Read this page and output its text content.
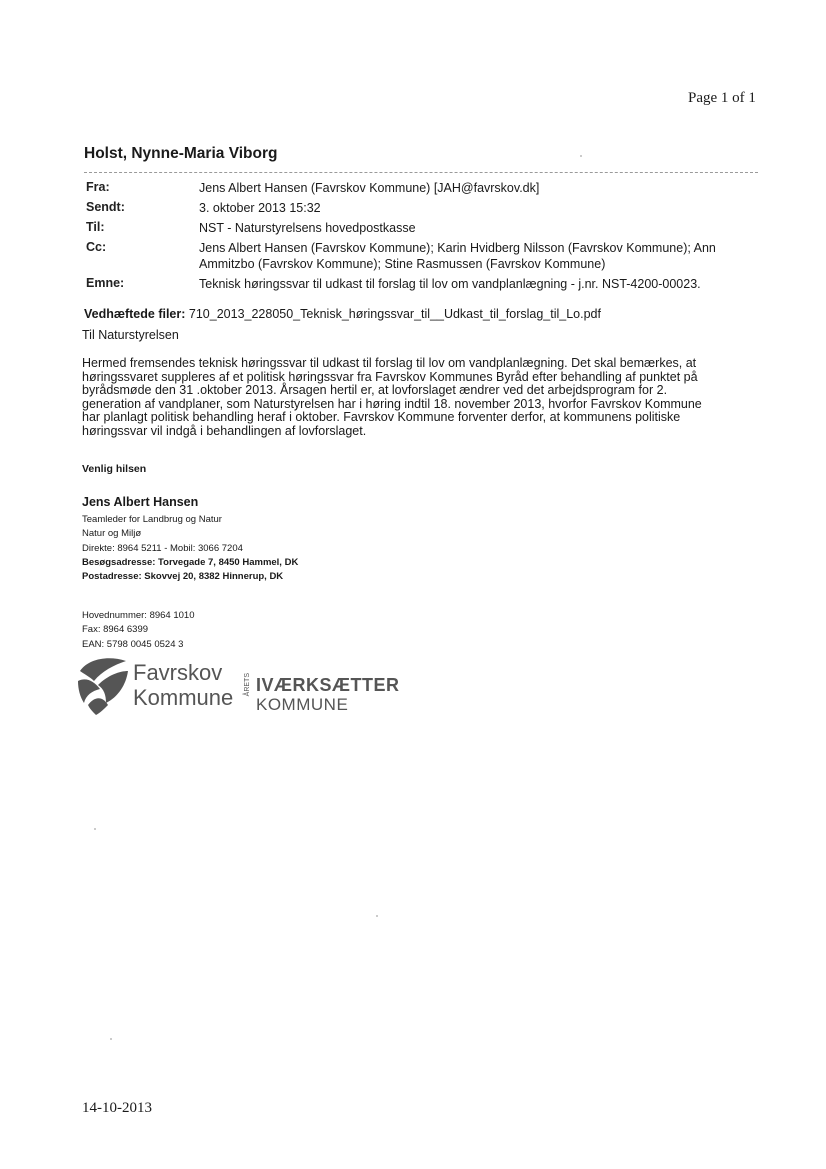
Page 1 of 1
Holst, Nynne-Maria Viborg
Fra:	Jens Albert Hansen (Favrskov Kommune) [JAH@favrskov.dk]
Sendt:	3. oktober 2013 15:32
Til:	NST - Naturstyrelsens hovedpostkasse
Cc:	Jens Albert Hansen (Favrskov Kommune); Karin Hvidberg Nilsson (Favrskov Kommune); Ann Ammitzbo (Favrskov Kommune); Stine Rasmussen (Favrskov Kommune)
Emne:	Teknisk høringssvar til udkast til forslag til lov om vandplanlægning - j.nr. NST-4200-00023.
Vedhæftede filer: 710_2013_228050_Teknisk_høringssvar_til__Udkast_til_forslag_til_Lo.pdf
Til Naturstyrelsen
Hermed fremsendes teknisk høringssvar til udkast til forslag til lov om vandplanlægning. Det skal bemærkes, at høringssvaret suppleres af et politisk høringssvar fra Favrskov Kommunes Byråd efter behandling af punktet på byrådsmøde den 31 .oktober 2013. Årsagen hertil er, at lovforslaget ændrer ved det arbejdsprogram for 2. generation af vandplaner, som Naturstyrelsen har i høring indtil 18. november 2013, hvorfor Favrskov Kommune har planlagt politisk behandling heraf i oktober. Favrskov Kommune forventer derfor, at kommunens politiske høringssvar vil indgå i behandlingen af lovforslaget.
Venlig hilsen
Jens Albert Hansen
Teamleder for Landbrug og Natur
Natur og Miljø
Direkte: 8964 5211 - Mobil: 3066 7204
Besøgsadresse: Torvegade 7, 8450 Hammel, DK
Postadresse: Skovvej 20, 8382 Hinnerup, DK
Hovednummer: 8964 1010
Fax: 8964 6399
EAN: 5798 0045 0524 3
Favrskov
Kommune
ÅRETS IVÆRKSÆTTER
KOMMUNE
14-10-2013
